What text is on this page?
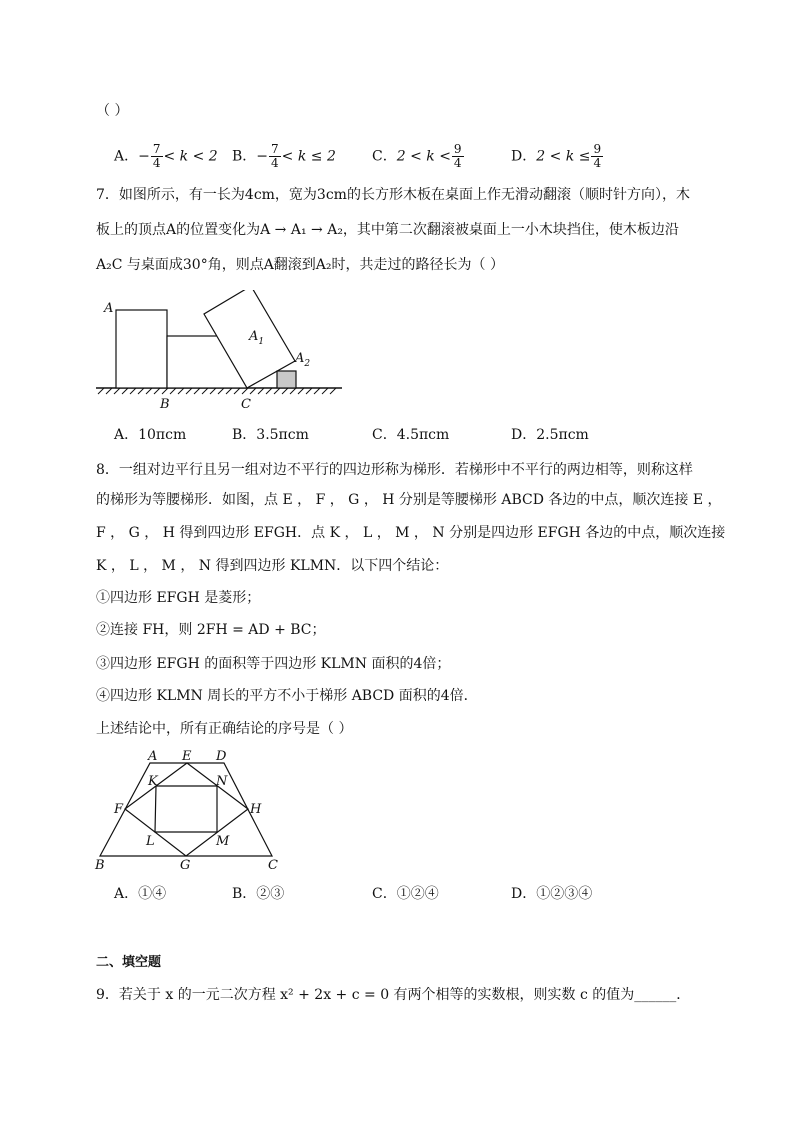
（ ）
A．− $\frac{7}{4} < k < 2$ B．− $\frac{7}{4} < k \le 2$	C．$2 < k < \frac{9}{4}$	D．$2 < k \le \frac{9}{4}$
7．如图所示，有一长为4cm，宽为3cm的长方形木板在桌面上作无滑动翻滚（顺时针方向），木
板上的顶点A的位置变化为A → A₁ → A₂，其中第二次翻滚被桌面上一小木块挡住，使木板边沿
A₂C 与桌面成30°角，则点A翻滚到A₂时，共走过的路径长为（ ）
A
$A_1$
$A_2$
B	C
A．10πcm	B．3.5πcm	C．4.5πcm	D．2.5πcm
8．一组对边平行且另一组对边不平行的四边形称为梯形．若梯形中不平行的两边相等，则称这样
的梯形为等腰梯形．如图，点 E ， F ， G ， H 分别是等腰梯形 ABCD 各边的中点，顺次连接 E ，
F ， G ， H 得到四边形 EFGH．点 K ， L ， M ， N 分别是四边形 EFGH 各边的中点，顺次连接
K ， L ， M ， N 得到四边形 KLMN．以下四个结论：
①四边形 EFGH 是菱形；
②连接 FH，则 2FH = AD + BC；
③四边形 EFGH 的面积等于四边形 KLMN 面积的4倍；
④四边形 KLMN 周长的平方不小于梯形 ABCD 面积的4倍．
上述结论中，所有正确结论的序号是（ ）
A E D
K	N
F	H
L	M
B	G	C
A．①④	B．②③	C．①②④	D．①②③④
二、填空题
9．若关于 x 的一元二次方程 x² + 2x + c = 0 有两个相等的实数根，则实数 c 的值为______．
